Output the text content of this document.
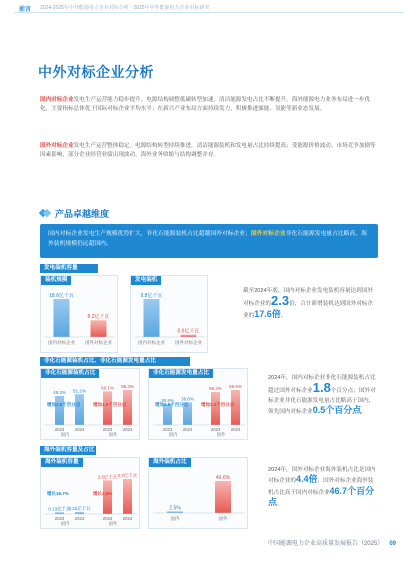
前言 2024-2025年中外能源电力企业对标分析 · 2025年中外能源电力企业对标研究
中外对标企业分析
国内对标企业发电生产运营能力稳步提升。电源结构调整低碳转型加速，清洁能源发电占比不断提升，海外能源电力业务布局进一步优化，主要指标总体优于国际对标企业平均水平；在新兴产业布局方面持续发力，积极推进储能、氢能等新业态发展。
国外对标企业发电生产运营整体稳定。电源结构转型持续推进，清洁能源装机和发电量占比持续提高；受能源价格波动、市场竞争加剧等因素影响，部分企业经营业绩出现波动，海外业务收缩与结构调整并存。
产品卓越维度
国内对标企业发电生产规模优势扩大，非化石能源装机占比超越国外对标企业；国外对标企业非化石能源发电量占比略高，海外装机规模仍远超国内。
发电装机容量
装机规模
18.6亿千瓦
国内对标企业
8.2亿千瓦
国外对标企业
发电装机
9.8亿千瓦
国内对标企业
0.6亿千瓦
国外对标企业
截至2024年底，国内对标企业发电装机容量达到国外对标企业的2.3倍，合计新增装机达到国外对标企业的17.6倍。
非化石能源装机占比、非化石能源发电量占比
非化石能源装机占比
48.3%
2023
51.2%
2024
国内
56.1%
2023
58.3%
2024
国外
增加3.8个百分点	增加1.8个百分点
非化石能源发电量占比
35.8%
2023
38.6%
2024
国内
56.3%
2023
59.6%
2024
国外
增加2.8个百分点	增加3.3个百分点
2024年，国内对标企业非化石能源装机占比超过国外对标企业1.8个百分点；国外对标企业非化石能源发电量占比略高于国内，领先国内对标企业0.5个百分点。
海外装机容量及占比
海外装机容量
0.13亿千瓦
2023
0.15亿千瓦
2024
国内
2.6亿千瓦
2023
2.7亿千瓦
2024
国外
增长16.7%	增长3.8%
海外装机占比
2.5%
国内
49.6%
国外
2024年，国外对标企业海外装机占比是国内对标企业的4.4倍，国外对标企业海外装机占比高于国内对标企业46.7个百分点。
中国能源电力企业高质量发展报告（2025） 09
